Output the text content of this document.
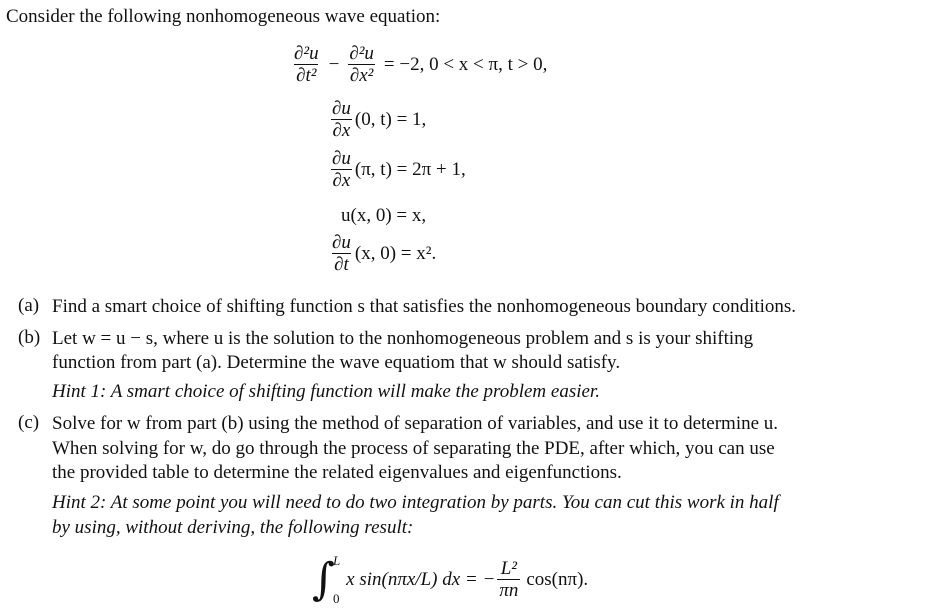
Consider the following nonhomogeneous wave equation:
$\frac{\text{∂²u}}{\text{∂t²}} - \frac{\text{∂²u}}{\text{∂x²}} = -2$, 0 < x < π, t > 0,
$\frac{\partial u}{\partial x} (0$, t) = 1,
$\frac{\partial u}{\partial x} (\pi$, t) = 2π + 1,
u(x, 0) = x,
$\frac{\partial u}{\partial t} (x$, 0) = x².
(a) Find a smart choice of shifting function s that satisfies the nonhomogeneous boundary conditions.
(b) Let w = u − s, where u is the solution to the nonhomogeneous problem and s is your shifting
function from part (a). Determine the wave equatiom that w should satisfy.
Hint 1: A smart choice of shifting function will make the problem easier.
(c) Solve for w from part (b) using the method of separation of variables, and use it to determine u.
When solving for w, do go through the process of separating the PDE, after which, you can use
the provided table to determine the related eigenvalues and eigenfunctions.
Hint 2: At some point you will need to do two integration by parts. You can cut this work in half
by using, without deriving, the following result:
∫
L
0
x sin(nπx/L) dx = − $\frac{\text{L²}}{\pi n} \cos(n\pi)$.
